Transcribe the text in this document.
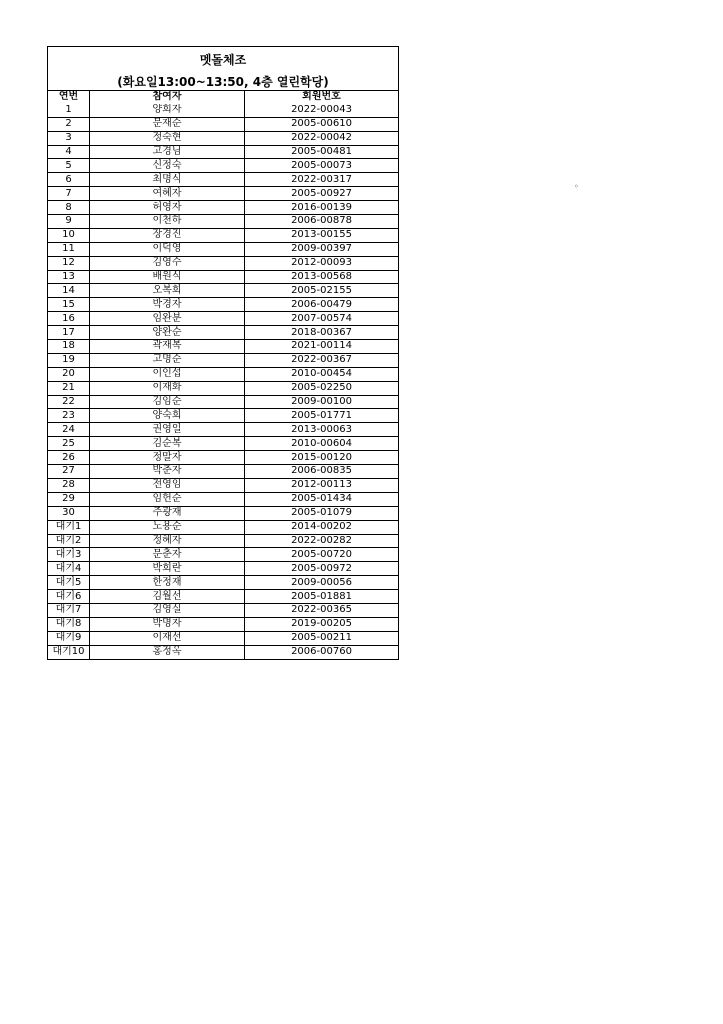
멧돌체조
(화요일13:00~13:50, 4층 열린학당)
연번	참여자	회원번호
1	양희자	2022-00043
2	문재순	2005-00610
3	정숙현	2022-00042
4	고경님	2005-00481
5	신정숙	2005-00073
6	최명식	2022-00317
7	여혜자	2005-00927
8	허영자	2016-00139
9	이천하	2006-00878
10	장경진	2013-00155
11	이덕영	2009-00397
12	김영수	2012-00093
13	배원식	2013-00568
14	오복희	2005-02155
15	박경자	2006-00479
16	임완분	2007-00574
17	양완순	2018-00367
18	곽재복	2021-00114
19	고명순	2022-00367
20	이인섭	2010-00454
21	이재화	2005-02250
22	김임순	2009-00100
23	양숙희	2005-01771
24	권영일	2013-00063
25	김순복	2010-00604
26	정말자	2015-00120
27	박춘자	2006-00835
28	전영임	2012-00113
29	임헌순	2005-01434
30	주광재	2005-01079
대기1	노용순	2014-00202
대기2	정혜자	2022-00282
대기3	문춘자	2005-00720
대기4	박희란	2005-00972
대기5	한정재	2009-00056
대기6	김월선	2005-01881
대기7	김영실	2022-00365
대기8	박명자	2019-00205
대기9	이재선	2005-00211
대기10	홍정옥	2006-00760
◦
